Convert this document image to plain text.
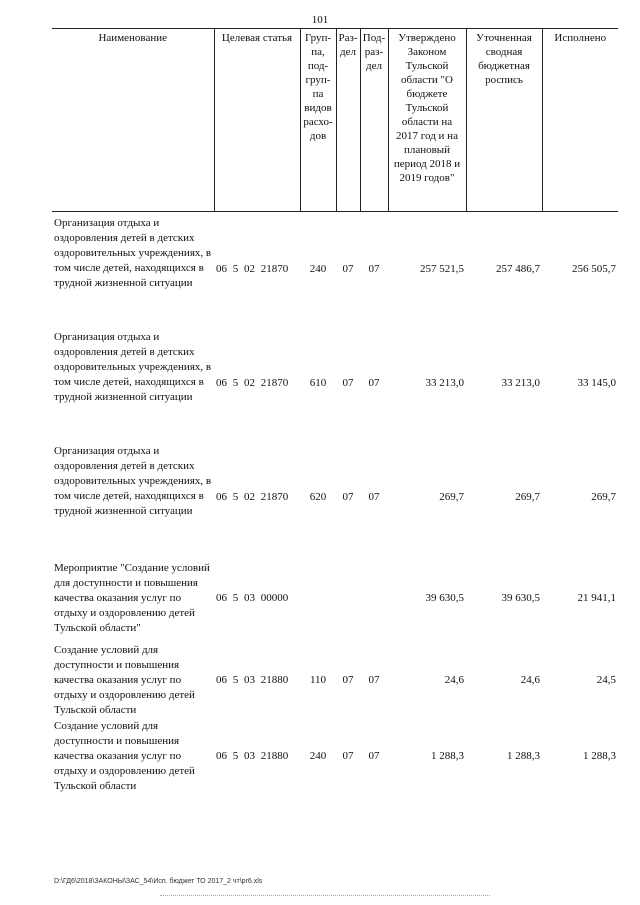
101
Наименование	Целевая статья	Груп-па, под-груп-па видов расхо-дов	Раз-дел	Под-раз-дел	Утверждено Законом Тульской области "О бюджете Тульской области на 2017 год и на плановый период 2018 и 2019 годов"	Уточненная сводная бюджетная роспись	Исполнено
Организация отдыха и оздоровления детей в детских оздоровительных учреждениях, в том числе детей, находящихся в трудной жизненной ситуации	06 5 02 21870	240	07	07	257 521,5	257 486,7	256 505,7
Организация отдыха и оздоровления детей в детских оздоровительных учреждениях, в том числе детей, находящихся в трудной жизненной ситуации	06 5 02 21870	610	07	07	33 213,0	33 213,0	33 145,0
Организация отдыха и оздоровления детей в детских оздоровительных учреждениях, в том числе детей, находящихся в трудной жизненной ситуации	06 5 02 21870	620	07	07	269,7	269,7	269,7
Мероприятие "Создание условий для доступности и повышения качества оказания услуг по отдыху и оздоровлению детей Тульской области"	06 5 03 00000				39 630,5	39 630,5	21 941,1
Создание условий для доступности и повышения качества оказания услуг по отдыху и оздоровлению детей Тульской области	06 5 03 21880	110	07	07	24,6	24,6	24,5
Создание условий для доступности и повышения качества оказания услуг по отдыху и оздоровлению детей Тульской области	06 5 03 21880	240	07	07	1 288,3	1 288,3	1 288,3
D:\ГД6\2018\ЗАКОНЫ\ЗАС_54\Исп. бюджет ТО 2017_2 чт\pr6.xls
